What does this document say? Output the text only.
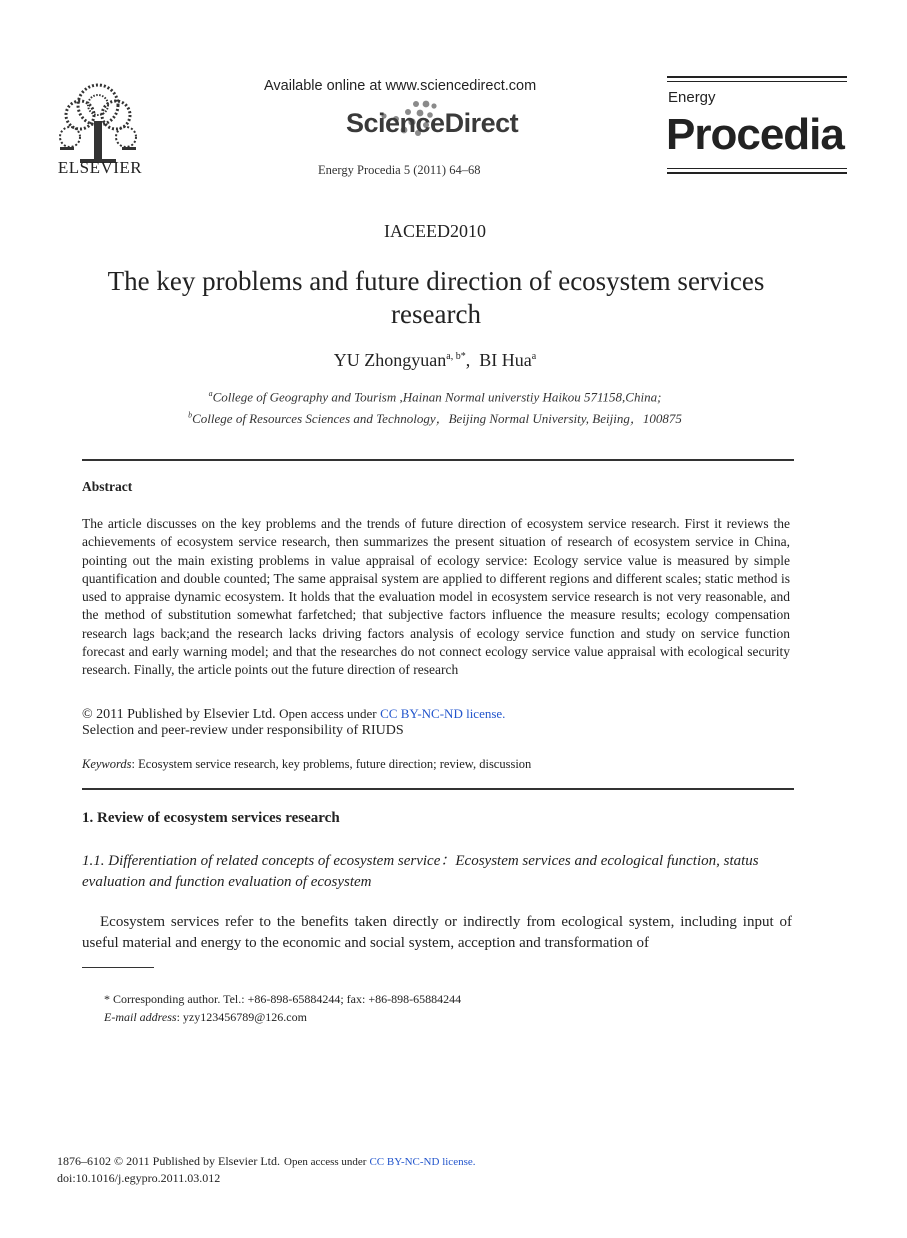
ELSEVIER
Available online at www.sciencedirect.com
ScienceDirect
Energy Procedia 5 (2011) 64–68
Energy
Procedia
IACEED2010
The key problems and future direction of ecosystem services research
YU Zhongyuan$^{a, b*}$, BI Hua$^a$
$^a$College of Geography and Tourism ,Hainan Normal universtiy Haikou 571158,China;
$^b$College of Resources Sciences and Technology，Beijing Normal University, Beijing，100875
Abstract
The article discusses on the key problems and the trends of future direction of ecosystem service research. First it reviews the achievements of ecosystem service research, then summarizes the present situation of research of ecosystem service in China, pointing out the main existing problems in value appraisal of ecology service: Ecology service value is measured by simple quantification and double counted; The same appraisal system are applied to different regions and different scales; static method is used to appraise dynamic ecosystem. It holds that the evaluation model in ecosystem service research is not very reasonable, and the method of substitution somewhat farfetched; that subjective factors influence the measure results; ecology compensation research lags back;and the research lacks driving factors analysis of ecology service function and study on service function forecast and early warning model; and that the researches do not connect ecology service value appraisal with ecological security research. Finally, the article points out the future direction of research
© 2011 Published by Elsevier Ltd. Open access under CC BY-NC-ND license.
Selection and peer-review under responsibility of RIUDS
Keywords: Ecosystem service research, key problems, future direction; review, discussion
1. Review of ecosystem services research
1.1. Differentiation of related concepts of ecosystem service：Ecosystem services and ecological function, status evaluation and function evaluation of ecosystem
Ecosystem services refer to the benefits taken directly or indirectly from ecological system, including input of useful material and energy to the economic and social system, acception and transformation of
* Corresponding author. Tel.: +86-898-65884244; fax: +86-898-65884244
E-mail address: yzy123456789@126.com
1876–6102 © 2011 Published by Elsevier Ltd. Open access under CC BY-NC-ND license.
doi:10.1016/j.egypro.2011.03.012
